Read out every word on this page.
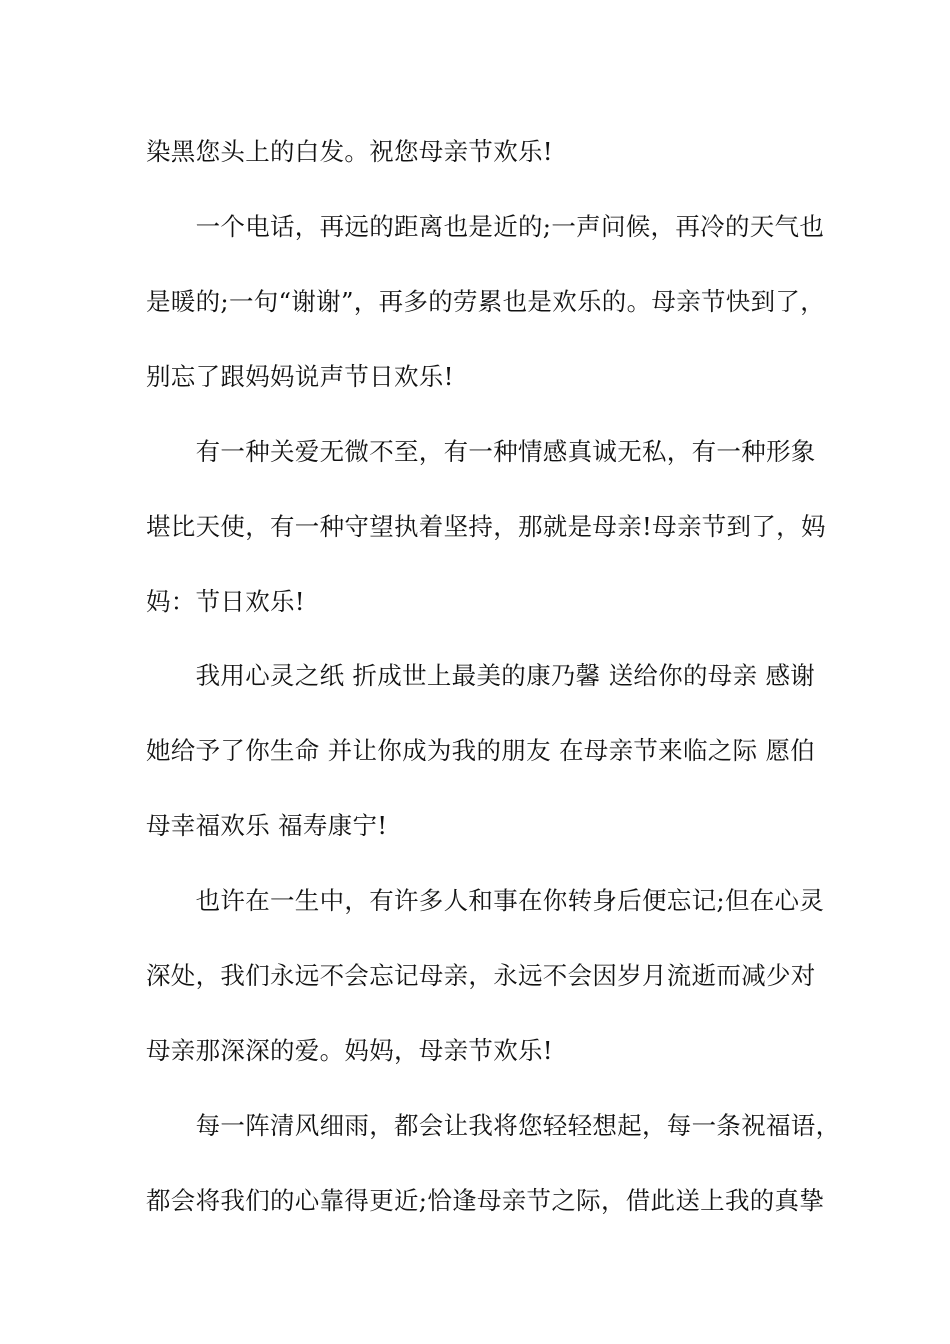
染黑您头上的白发。祝您母亲节欢乐!
　　一个电话，再远的距离也是近的;一声问候，再冷的天气也
是暖的;一句“谢谢”，再多的劳累也是欢乐的。母亲节快到了，
别忘了跟妈妈说声节日欢乐!
　　有一种关爱无微不至，有一种情感真诚无私，有一种形象
堪比天使，有一种守望执着坚持，那就是母亲!母亲节到了，妈
妈：节日欢乐!
　　我用心灵之纸 折成世上最美的康乃馨 送给你的母亲 感谢
她给予了你生命 并让你成为我的朋友 在母亲节来临之际 愿伯
母幸福欢乐 福寿康宁!
　　也许在一生中，有许多人和事在你转身后便忘记;但在心灵
深处，我们永远不会忘记母亲，永远不会因岁月流逝而减少对
母亲那深深的爱。妈妈，母亲节欢乐!
　　每一阵清风细雨，都会让我将您轻轻想起，每一条祝福语，
都会将我们的心靠得更近;恰逢母亲节之际，借此送上我的真挚
